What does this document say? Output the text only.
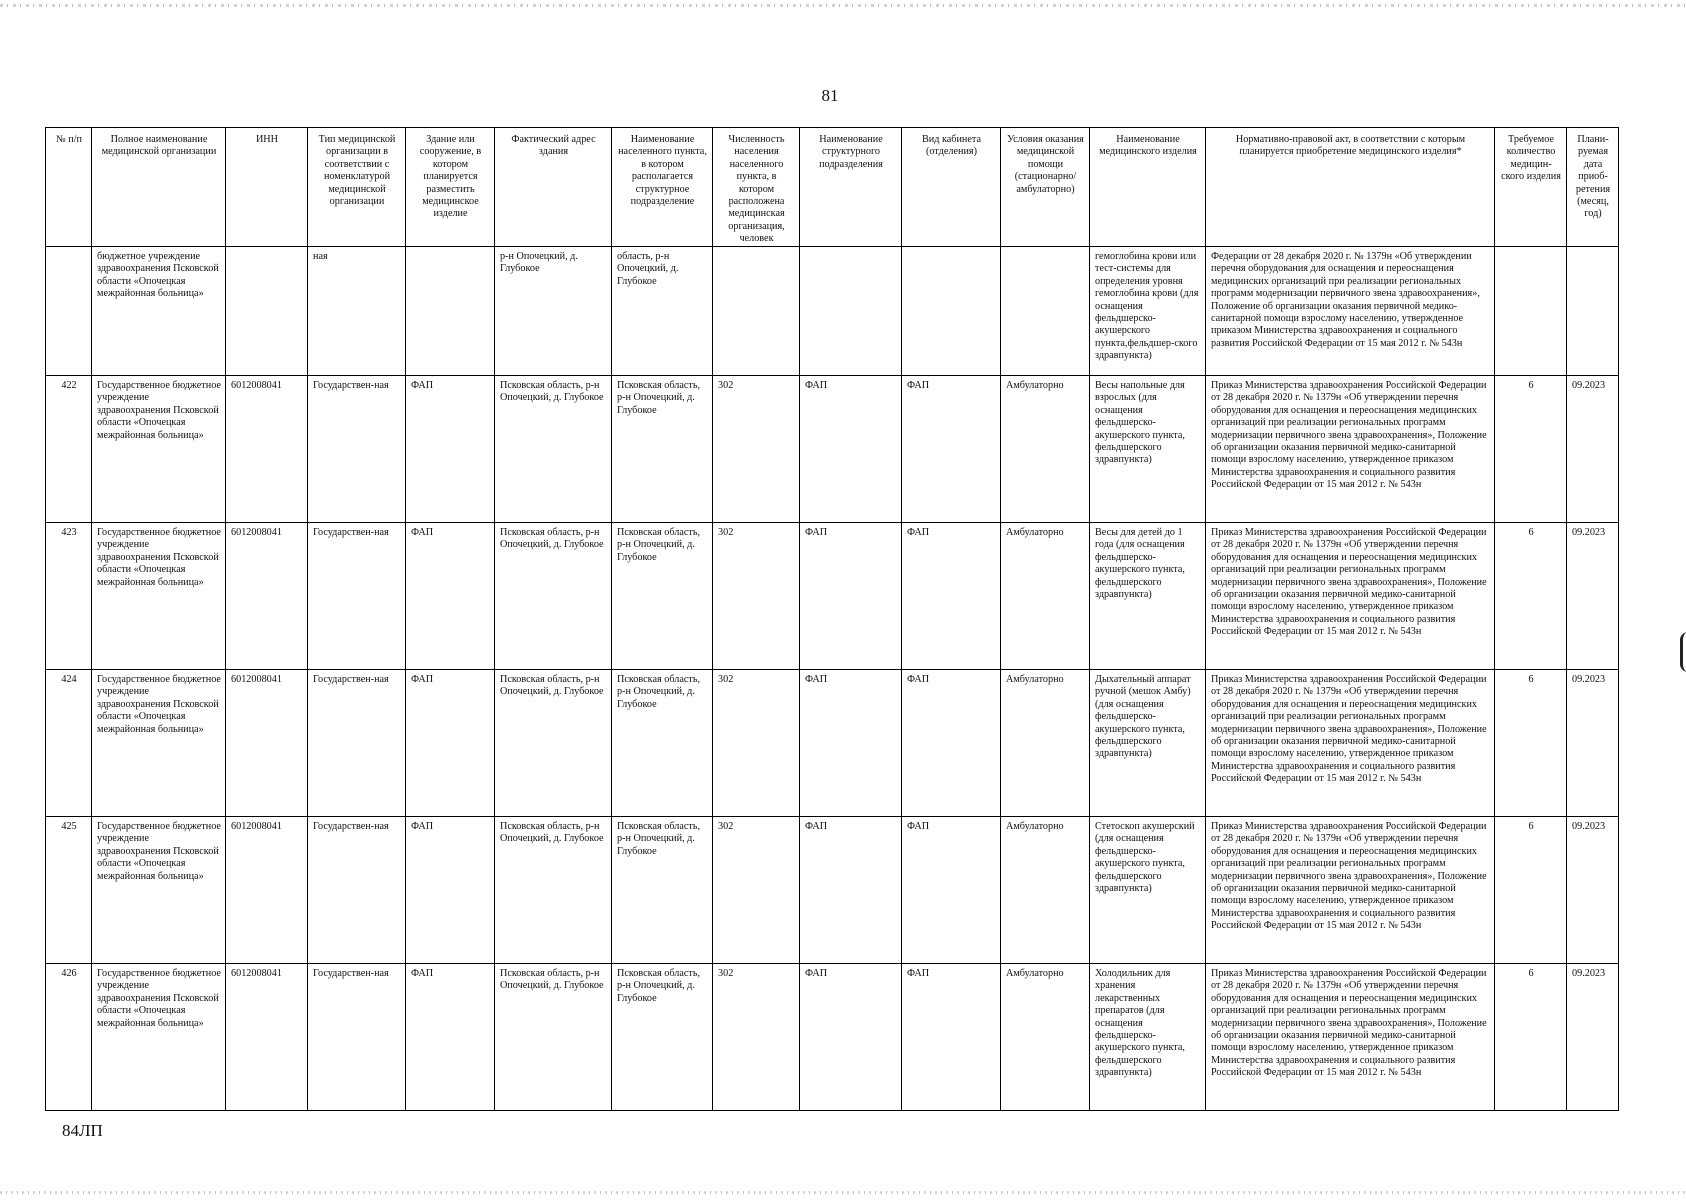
81
№ п/п	Полное наименование медицинской организации	ИНН	Тип медицинской организации в соответствии с номенклатурой медицинской организации	Здание или сооружение, в котором планируется разместить медицинское изделие	Фактический адрес здания	Наименование населенного пункта, в котором располагается структурное подразделение	Численность населения населенного пункта, в котором расположена медицинская организация, человек	Наименование структурного подразделения	Вид кабинета (отделения)	Условия оказания медицинской помощи (стационарно/ амбулаторно)	Наименование медицинского изделия	Нормативно-правовой акт, в соответствии с которым планируется приобретение медицинского изделия*	Требуемое количество медицин-ского изделия	Плани-руемая дата приоб-ретения (месяц, год)
	бюджетное учреждение здравоохранения Псковской области «Опочецкая межрайонная больница»		ная		р-н Опочецкий, д. Глубокое	область, р-н Опочецкий, д. Глубокое					гемоглобина крови или тест-системы для определения уровня гемоглобина крови (для оснащения фельдшерско-акушерского пункта,фельдшер-ского здравпункта)	Федерации от 28 декабря 2020 г. № 1379н «Об утверждении перечня оборудования для оснащения и переоснащения медицинских организаций при реализации региональных программ модернизации первичного звена здравоохранения», Положение об организации оказания первичной медико-санитарной помощи взрослому населению, утвержденное приказом Министерства здравоохранения и социального развития Российской Федерации от 15 мая 2012 г. № 543н		
422	Государственное бюджетное учреждение здравоохранения Псковской области «Опочецкая межрайонная больница»	6012008041	Государствен-ная	ФАП	Псковская область, р-н Опочецкий, д. Глубокое	Псковская область, р-н Опочецкий, д. Глубокое	302	ФАП	ФАП	Амбулаторно	Весы напольные для взрослых (для оснащения фельдшерско-акушерского пункта, фельдшерского здравпункта)	Приказ Министерства здравоохранения Российской Федерации от 28 декабря 2020 г. № 1379н «Об утверждении перечня оборудования для оснащения и переоснащения медицинских организаций при реализации региональных программ модернизации первичного звена здравоохранения», Положение об организации оказания первичной медико-санитарной помощи взрослому населению, утвержденное приказом Министерства здравоохранения и социального развития Российской Федерации от 15 мая 2012 г. № 543н	6	09.2023
423	Государственное бюджетное учреждение здравоохранения Псковской области «Опочецкая межрайонная больница»	6012008041	Государствен-ная	ФАП	Псковская область, р-н Опочецкий, д. Глубокое	Псковская область, р-н Опочецкий, д. Глубокое	302	ФАП	ФАП	Амбулаторно	Весы для детей до 1 года (для оснащения фельдшерско-акушерского пункта, фельдшерского здравпункта)	Приказ Министерства здравоохранения Российской Федерации от 28 декабря 2020 г. № 1379н «Об утверждении перечня оборудования для оснащения и переоснащения медицинских организаций при реализации региональных программ модернизации первичного звена здравоохранения», Положение об организации оказания первичной медико-санитарной помощи взрослому населению, утвержденное приказом Министерства здравоохранения и социального развития Российской Федерации от 15 мая 2012 г. № 543н	6	09.2023
424	Государственное бюджетное учреждение здравоохранения Псковской области «Опочецкая межрайонная больница»	6012008041	Государствен-ная	ФАП	Псковская область, р-н Опочецкий, д. Глубокое	Псковская область, р-н Опочецкий, д. Глубокое	302	ФАП	ФАП	Амбулаторно	Дыхательный аппарат ручной (мешок Амбу) (для оснащения фельдшерско-акушерского пункта, фельдшерского здравпункта)	Приказ Министерства здравоохранения Российской Федерации от 28 декабря 2020 г. № 1379н «Об утверждении перечня оборудования для оснащения и переоснащения медицинских организаций при реализации региональных программ модернизации первичного звена здравоохранения», Положение об организации оказания первичной медико-санитарной помощи взрослому населению, утвержденное приказом Министерства здравоохранения и социального развития Российской Федерации от 15 мая 2012 г. № 543н	6	09.2023
425	Государственное бюджетное учреждение здравоохранения Псковской области «Опочецкая межрайонная больница»	6012008041	Государствен-ная	ФАП	Псковская область, р-н Опочецкий, д. Глубокое	Псковская область, р-н Опочецкий, д. Глубокое	302	ФАП	ФАП	Амбулаторно	Стетоскоп акушерский (для оснащения фельдшерско-акушерского пункта, фельдшерского здравпункта)	Приказ Министерства здравоохранения Российской Федерации от 28 декабря 2020 г. № 1379н «Об утверждении перечня оборудования для оснащения и переоснащения медицинских организаций при реализации региональных программ модернизации первичного звена здравоохранения», Положение об организации оказания первичной медико-санитарной помощи взрослому населению, утвержденное приказом Министерства здравоохранения и социального развития Российской Федерации от 15 мая 2012 г. № 543н	6	09.2023
426	Государственное бюджетное учреждение здравоохранения Псковской области «Опочецкая межрайонная больница»	6012008041	Государствен-ная	ФАП	Псковская область, р-н Опочецкий, д. Глубокое	Псковская область, р-н Опочецкий, д. Глубокое	302	ФАП	ФАП	Амбулаторно	Холодильник для хранения лекарственных препаратов (для оснащения фельдшерско-акушерского пункта, фельдшерского здравпункта)	Приказ Министерства здравоохранения Российской Федерации от 28 декабря 2020 г. № 1379н «Об утверждении перечня оборудования для оснащения и переоснащения медицинских организаций при реализации региональных программ модернизации первичного звена здравоохранения», Положение об организации оказания первичной медико-санитарной помощи взрослому населению, утвержденное приказом Министерства здравоохранения и социального развития Российской Федерации от 15 мая 2012 г. № 543н	6	09.2023
84ЛП
